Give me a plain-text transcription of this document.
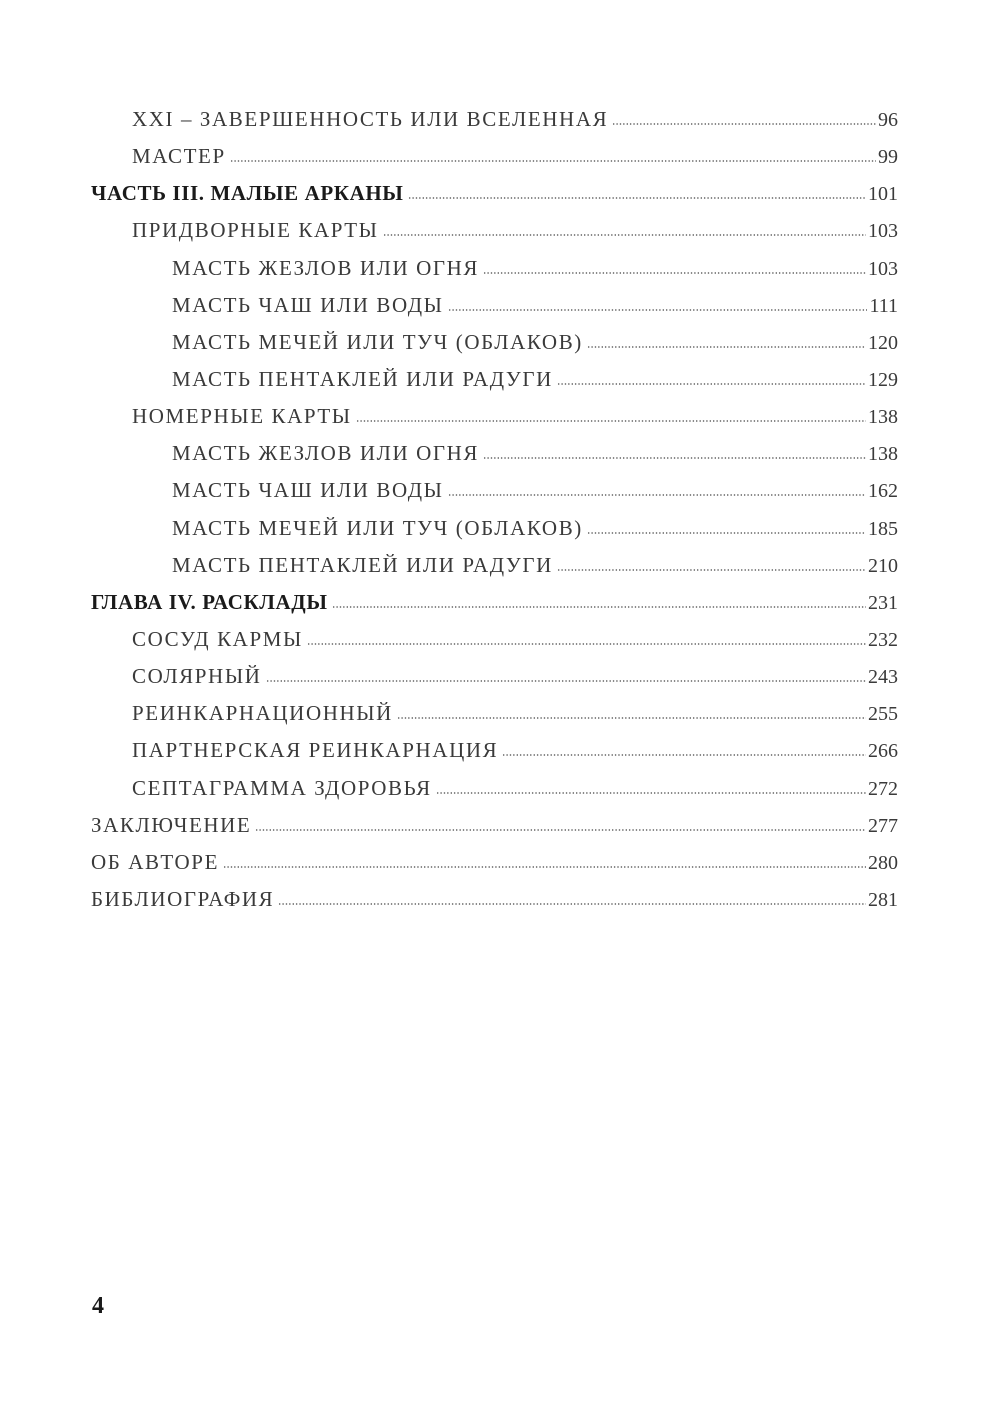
XXI – ЗАВЕРШЕННОСТЬ ИЛИ ВСЕЛЕННАЯ	96
МАСТЕР	99
ЧАСТЬ III. МАЛЫЕ АРКАНЫ	101
ПРИДВОРНЫЕ КАРТЫ	103
МАСТЬ ЖЕЗЛОВ ИЛИ ОГНЯ	103
МАСТЬ ЧАШ ИЛИ ВОДЫ	111
МАСТЬ МЕЧЕЙ ИЛИ ТУЧ (ОБЛАКОВ)	120
МАСТЬ ПЕНТАКЛЕЙ ИЛИ РАДУГИ	129
НОМЕРНЫЕ КАРТЫ	138
МАСТЬ ЖЕЗЛОВ ИЛИ ОГНЯ	138
МАСТЬ ЧАШ ИЛИ ВОДЫ	162
МАСТЬ МЕЧЕЙ ИЛИ ТУЧ (ОБЛАКОВ)	185
МАСТЬ ПЕНТАКЛЕЙ ИЛИ РАДУГИ	210
ГЛАВА IV. РАСКЛАДЫ	231
СОСУД КАРМЫ	232
СОЛЯРНЫЙ	243
РЕИНКАРНАЦИОННЫЙ	255
ПАРТНЕРСКАЯ РЕИНКАРНАЦИЯ	266
СЕПТАГРАММА ЗДОРОВЬЯ	272
ЗАКЛЮЧЕНИЕ	277
ОБ АВТОРЕ	280
БИБЛИОГРАФИЯ	281
4
